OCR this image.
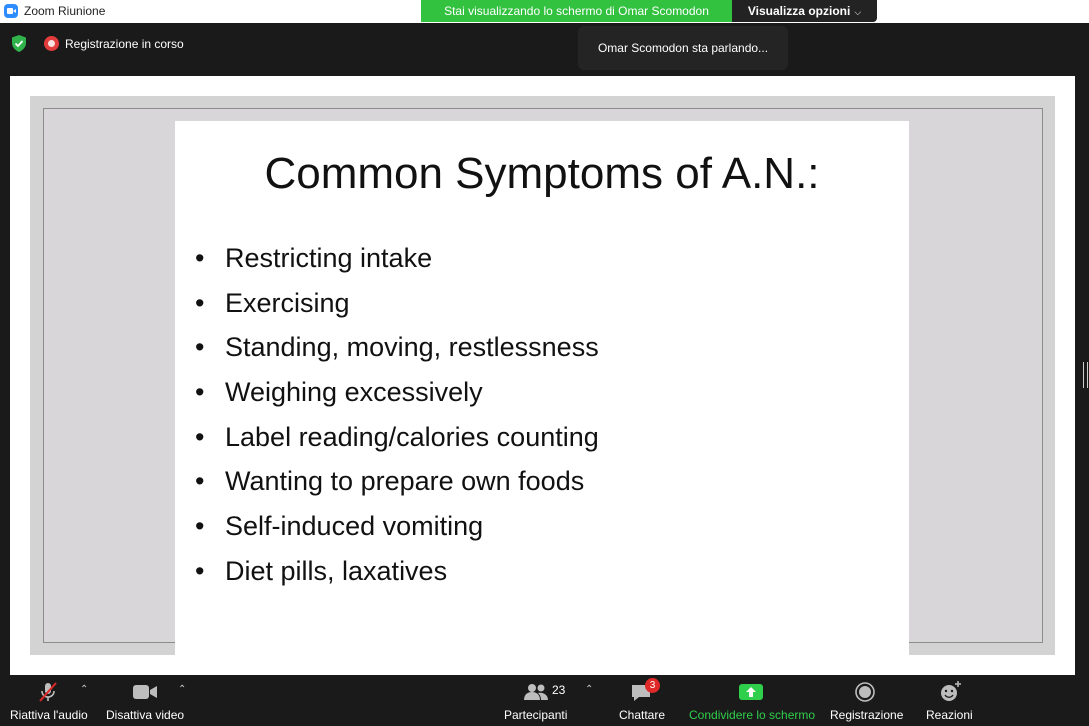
Zoom Riunione	Stai visualizzando lo schermo di Omar Scomodon	Visualizza opzioni ⌵
Registrazione in corso	Omar Scomodon sta parlando...
Common Symptoms of A.N.:
• Restricting intake
• Exercising
• Standing, moving, restlessness
• Weighing excessively
• Label reading/calories counting
• Wanting to prepare own foods
• Self-induced vomiting
• Diet pills, laxatives
Riattiva l'audio
⌃
Disattiva video
⌃
Partecipanti
23 ⌃
Chattare
3
Condividere lo schermo Registrazione Reazioni
